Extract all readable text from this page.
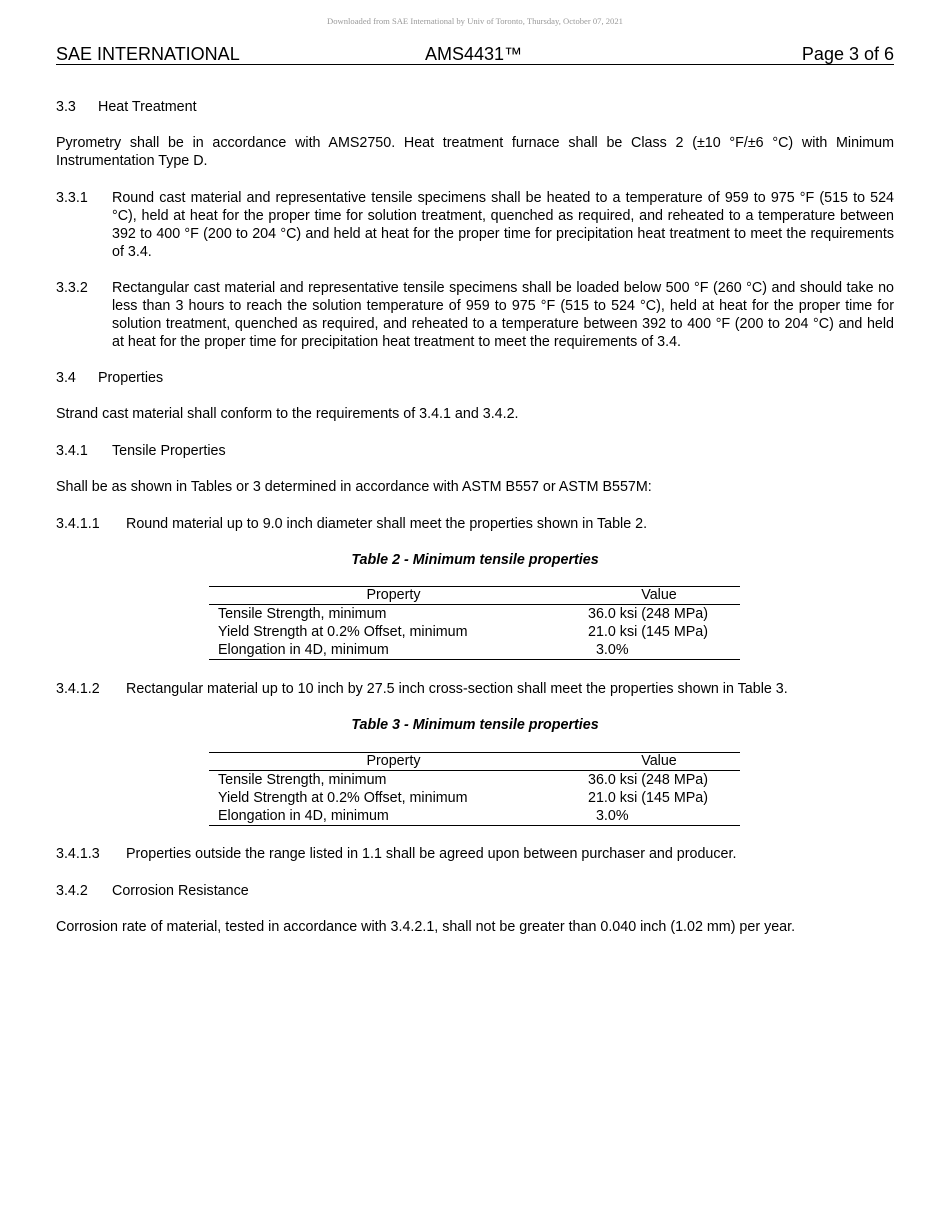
Downloaded from SAE International by Univ of Toronto, Thursday, October 07, 2021
SAE INTERNATIONAL	AMS4431™	Page 3 of 6
3.3 Heat Treatment
Pyrometry shall be in accordance with AMS2750. Heat treatment furnace shall be Class 2 (±10 °F/±6 °C) with Minimum Instrumentation Type D.
3.3.1 Round cast material and representative tensile specimens shall be heated to a temperature of 959 to 975 °F (515 to 524 °C), held at heat for the proper time for solution treatment, quenched as required, and reheated to a temperature between 392 to 400 °F (200 to 204 °C) and held at heat for the proper time for precipitation heat treatment to meet the requirements of 3.4.
3.3.2 Rectangular cast material and representative tensile specimens shall be loaded below 500 °F (260 °C) and should take no less than 3 hours to reach the solution temperature of 959 to 975 °F (515 to 524 °C), held at heat for the proper time for solution treatment, quenched as required, and reheated to a temperature between 392 to 400 °F (200 to 204 °C) and held at heat for the proper time for precipitation heat treatment to meet the requirements of 3.4.
3.4 Properties
Strand cast material shall conform to the requirements of 3.4.1 and 3.4.2.
3.4.1 Tensile Properties
Shall be as shown in Tables or 3 determined in accordance with ASTM B557 or ASTM B557M:
3.4.1.1 Round material up to 9.0 inch diameter shall meet the properties shown in Table 2.
Table 2 - Minimum tensile properties
Property	Value
Tensile Strength, minimum	36.0 ksi (248 MPa)
Yield Strength at 0.2% Offset, minimum	21.0 ksi (145 MPa)
Elongation in 4D, minimum	3.0%
3.4.1.2 Rectangular material up to 10 inch by 27.5 inch cross-section shall meet the properties shown in Table 3.
Table 3 - Minimum tensile properties
Property	Value
Tensile Strength, minimum	36.0 ksi (248 MPa)
Yield Strength at 0.2% Offset, minimum	21.0 ksi (145 MPa)
Elongation in 4D, minimum	3.0%
3.4.1.3 Properties outside the range listed in 1.1 shall be agreed upon between purchaser and producer.
3.4.2 Corrosion Resistance
Corrosion rate of material, tested in accordance with 3.4.2.1, shall not be greater than 0.040 inch (1.02 mm) per year.
